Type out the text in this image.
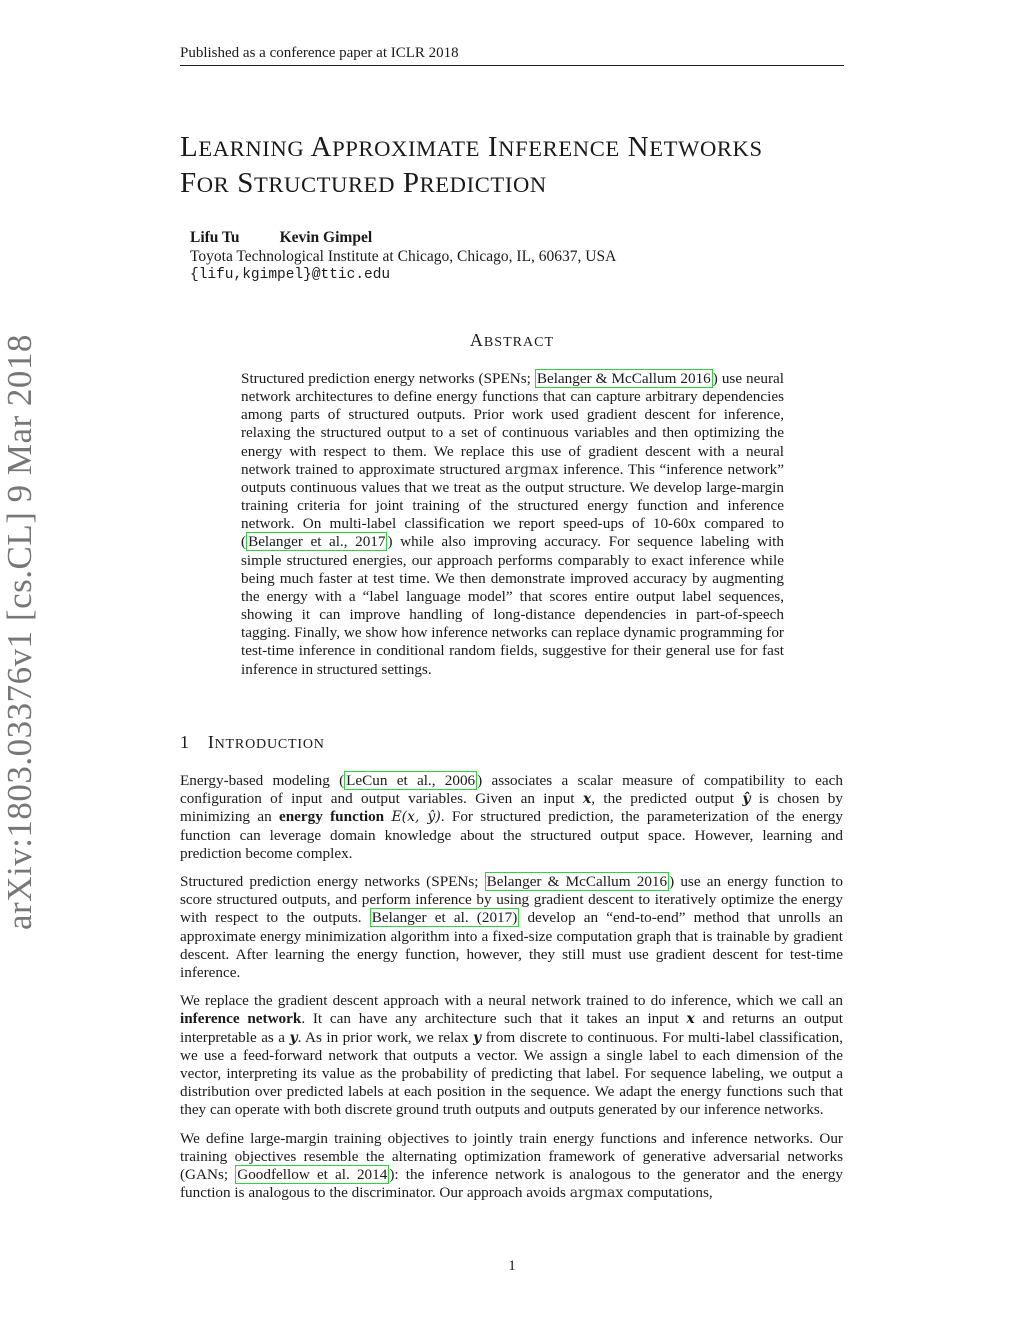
Published as a conference paper at ICLR 2018
LEARNING APPROXIMATE INFERENCE NETWORKS
FOR STRUCTURED PREDICTION
Lifu Tu	Kevin Gimpel
Toyota Technological Institute at Chicago, Chicago, IL, 60637, USA
{lifu,kgimpel}@ttic.edu
arXiv:1803.03376v1 [cs.CL] 9 Mar 2018	ABSTRACT
Structured prediction energy networks (SPENs; Belanger & McCallum 2016 ) use neural network architectures to define energy functions that can capture arbitrary dependencies among parts of structured outputs. Prior work used gradient descent for inference, relaxing the structured output to a set of continuous variables and then optimizing the energy with respect to them. We replace this use of gradient descent with a neural network trained to approximate structured argmax inference. This “inference network” outputs continuous values that we treat as the output structure. We develop large-margin training criteria for joint training of the structured energy function and inference network. On multi-label classification we report speed-ups of 10-60x compared to ( Belanger et al., 2017 ) while also improving accuracy. For sequence labeling with simple structured energies, our approach performs comparably to exact inference while being much faster at test time. We then demonstrate improved accuracy by augmenting the energy with a “label language model” that scores entire output label sequences, showing it can improve handling of long-distance dependencies in part-of-speech tagging. Finally, we show how inference networks can replace dynamic programming for test-time inference in conditional random fields, suggestive for their general use for fast inference in structured settings.
1 INTRODUCTION

Energy-based modeling ( LeCun et al., 2006 ) associates a scalar measure of compatibility to each configuration of input and output variables. Given an input x, the predicted output ŷ is chosen by minimizing an energy function E(x, ŷ). For structured prediction, the parameterization of the energy function can leverage domain knowledge about the structured output space. However, learning and prediction become complex.

Structured prediction energy networks (SPENs; Belanger & McCallum 2016 ) use an energy function to score structured outputs, and perform inference by using gradient descent to iteratively optimize the energy with respect to the outputs. Belanger et al. (2017) develop an “end-to-end” method that unrolls an approximate energy minimization algorithm into a fixed-size computation graph that is trainable by gradient descent. After learning the energy function, however, they still must use gradient descent for test-time inference.

We replace the gradient descent approach with a neural network trained to do inference, which we call an inference network. It can have any architecture such that it takes an input x and returns an output interpretable as a y. As in prior work, we relax y from discrete to continuous. For multi-label classification, we use a feed-forward network that outputs a vector. We assign a single label to each dimension of the vector, interpreting its value as the probability of predicting that label. For sequence labeling, we output a distribution over predicted labels at each position in the sequence. We adapt the energy functions such that they can operate with both discrete ground truth outputs and outputs generated by our inference networks.

We define large-margin training objectives to jointly train energy functions and inference networks. Our training objectives resemble the alternating optimization framework of generative adversarial networks (GANs; Goodfellow et al. 2014 ): the inference network is analogous to the generator and the energy function is analogous to the discriminator. Our approach avoids argmax computations,

1
